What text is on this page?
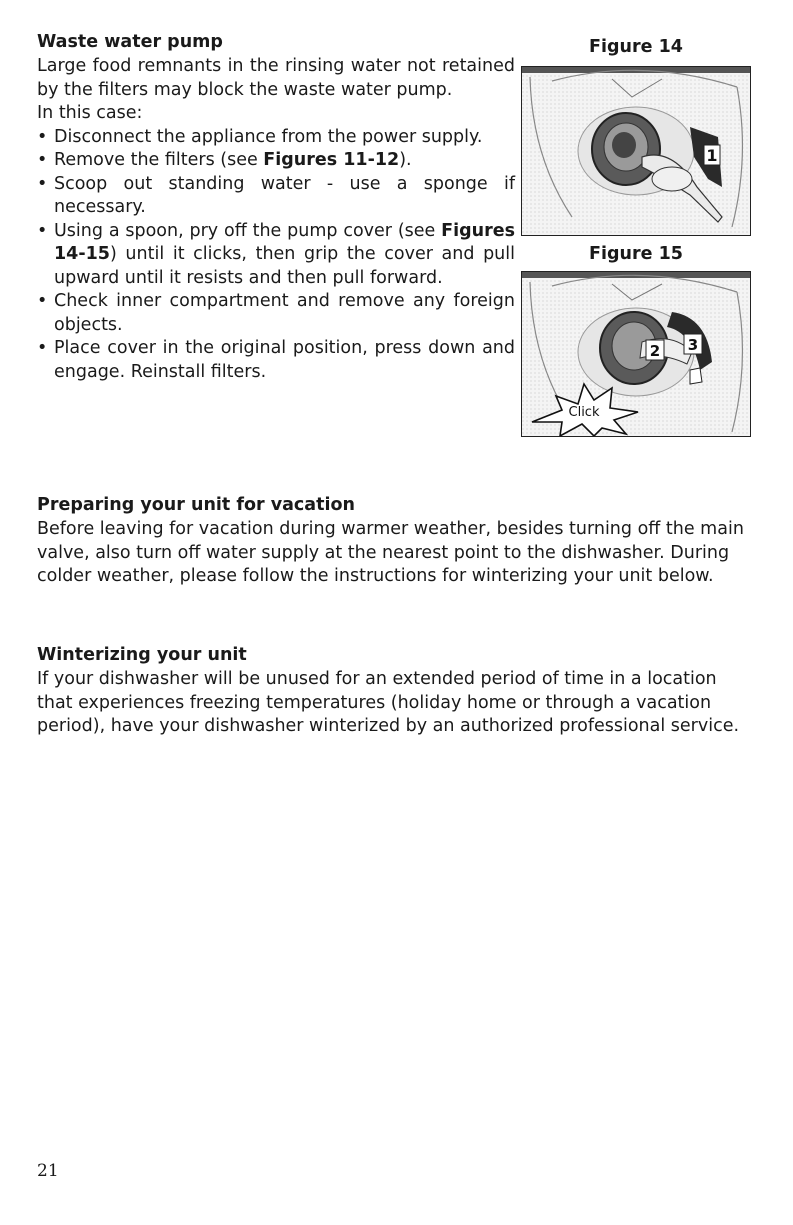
Waste water pump

Large food remnants in the rinsing water not retained by the filters may block the waste water pump.

In this case:

• Disconnect the appliance from the power supply.
• Remove the filters (see Figures 11-12).
• Scoop out standing water - use a sponge if necessary.
• Using a spoon, pry off the pump cover (see Figures 14-15) until it clicks, then grip the cover and pull upward until it resists and then pull forward.
• Check inner compartment and remove any foreign objects.
• Place cover in the original position, press down and engage. Reinstall filters.
Figure 14
1
Figure 15
2 3
Click
Preparing your unit for vacation

Before leaving for vacation during warmer weather, besides turning off the main valve, also turn off water supply at the nearest point to the dishwasher. During colder weather, please follow the instructions for winterizing your unit below.

Winterizing your unit

If your dishwasher will be unused for an extended period of time in a location that experiences freezing temperatures (holiday home or through a vacation period), have your dishwasher winterized by an authorized professional service.

21
